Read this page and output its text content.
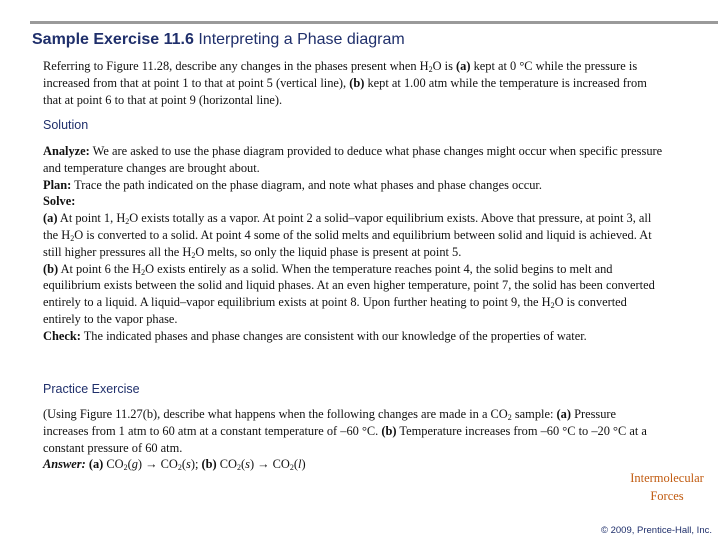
Sample Exercise 11.6 Interpreting a Phase diagram
Referring to Figure 11.28, describe any changes in the phases present when $H_2O$ is (a) kept at 0 °C while the pressure is increased from that at point 1 to that at point 5 (vertical line), (b) kept at 1.00 atm while the temperature is increased from that at point 6 to that at point 9 (horizontal line).
Solution
Analyze: We are asked to use the phase diagram provided to deduce what phase changes might occur when specific pressure and temperature changes are brought about.
Plan: Trace the path indicated on the phase diagram, and note what phases and phase changes occur.
Solve:
(a) At point 1, $H_2O$ exists totally as a vapor. At point 2 a solid–vapor equilibrium exists. Above that pressure, at point 3, all the $H_2O$ is converted to a solid. At point 4 some of the solid melts and equilibrium between solid and liquid is achieved. At still higher pressures all the $H_2O$ melts, so only the liquid phase is present at point 5.
(b) At point 6 the $H_2O$ exists entirely as a solid. When the temperature reaches point 4, the solid begins to melt and equilibrium exists between the solid and liquid phases. At an even higher temperature, point 7, the solid has been converted entirely to a liquid. A liquid–vapor equilibrium exists at point 8. Upon further heating to point 9, the $H_2O$ is converted entirely to the vapor phase.
Check: The indicated phases and phase changes are consistent with our knowledge of the properties of water.
Practice Exercise
(Using Figure 11.27(b), describe what happens when the following changes are made in a $CO_2$ sample: (a) Pressure increases from 1 atm to 60 atm at a constant temperature of –60 °C. (b) Temperature increases from –60 °C to –20 °C at a constant pressure of 60 atm.
Answer: (a) $CO_2(g) \to CO_2(s)$; (b) $CO_2(s) \to CO_2(l)$
Intermolecular
Forces
© 2009, Prentice-Hall, Inc.
